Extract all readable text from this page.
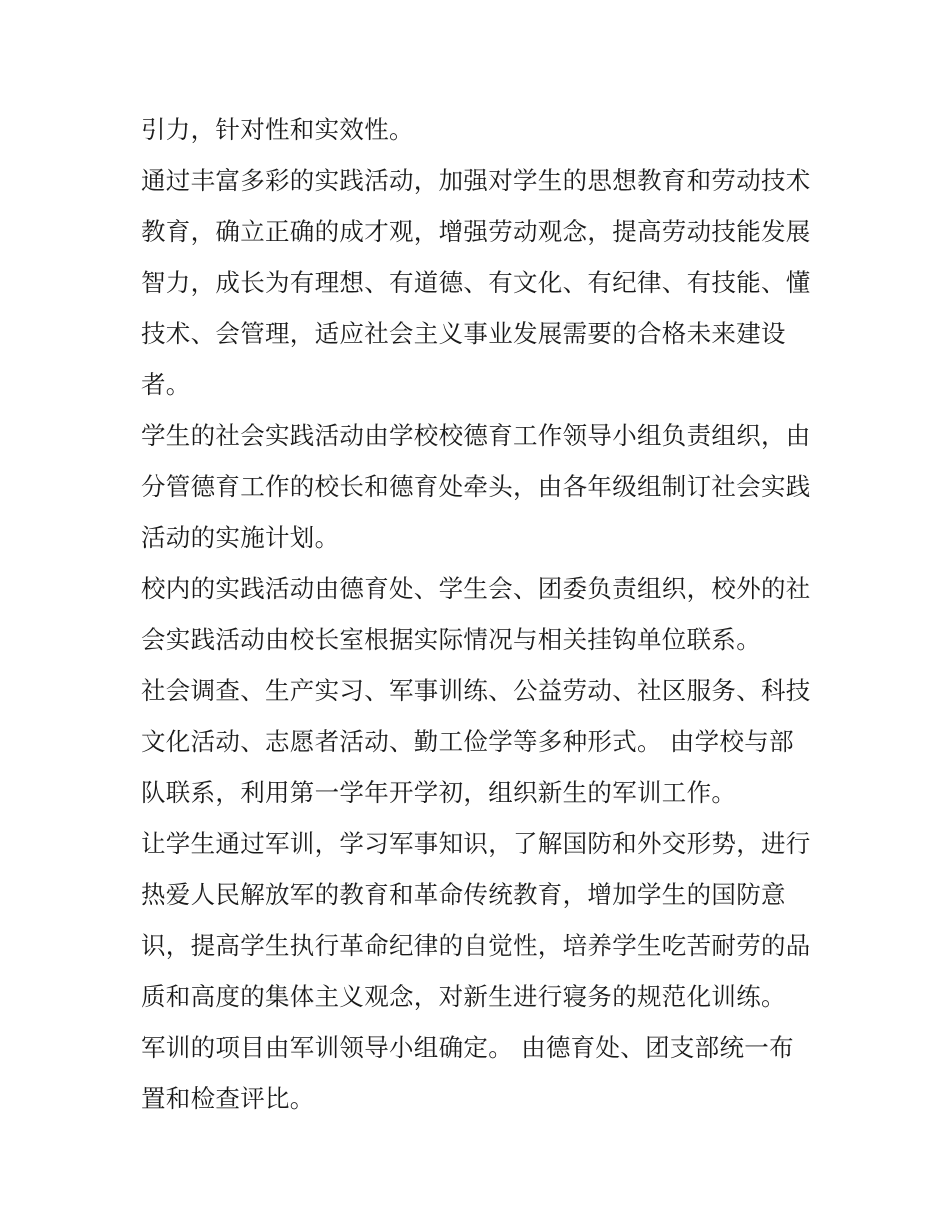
引力，针对性和实效性。
通过丰富多彩的实践活动，加强对学生的思想教育和劳动技术
教育，确立正确的成才观，增强劳动观念，提高劳动技能发展
智力，成长为有理想、有道德、有文化、有纪律、有技能、懂
技术、会管理，适应社会主义事业发展需要的合格未来建设
者。
学生的社会实践活动由学校校德育工作领导小组负责组织，由
分管德育工作的校长和德育处牵头，由各年级组制订社会实践
活动的实施计划。
校内的实践活动由德育处、学生会、团委负责组织，校外的社
会实践活动由校长室根据实际情况与相关挂钩单位联系。
社会调查、生产实习、军事训练、公益劳动、社区服务、科技
文化活动、志愿者活动、勤工俭学等多种形式。 由学校与部
队联系，利用第一学年开学初，组织新生的军训工作。
让学生通过军训，学习军事知识，了解国防和外交形势，进行
热爱人民解放军的教育和革命传统教育，增加学生的国防意
识，提高学生执行革命纪律的自觉性，培养学生吃苦耐劳的品
质和高度的集体主义观念，对新生进行寝务的规范化训练。
军训的项目由军训领导小组确定。 由德育处、团支部统一布
置和检查评比。
